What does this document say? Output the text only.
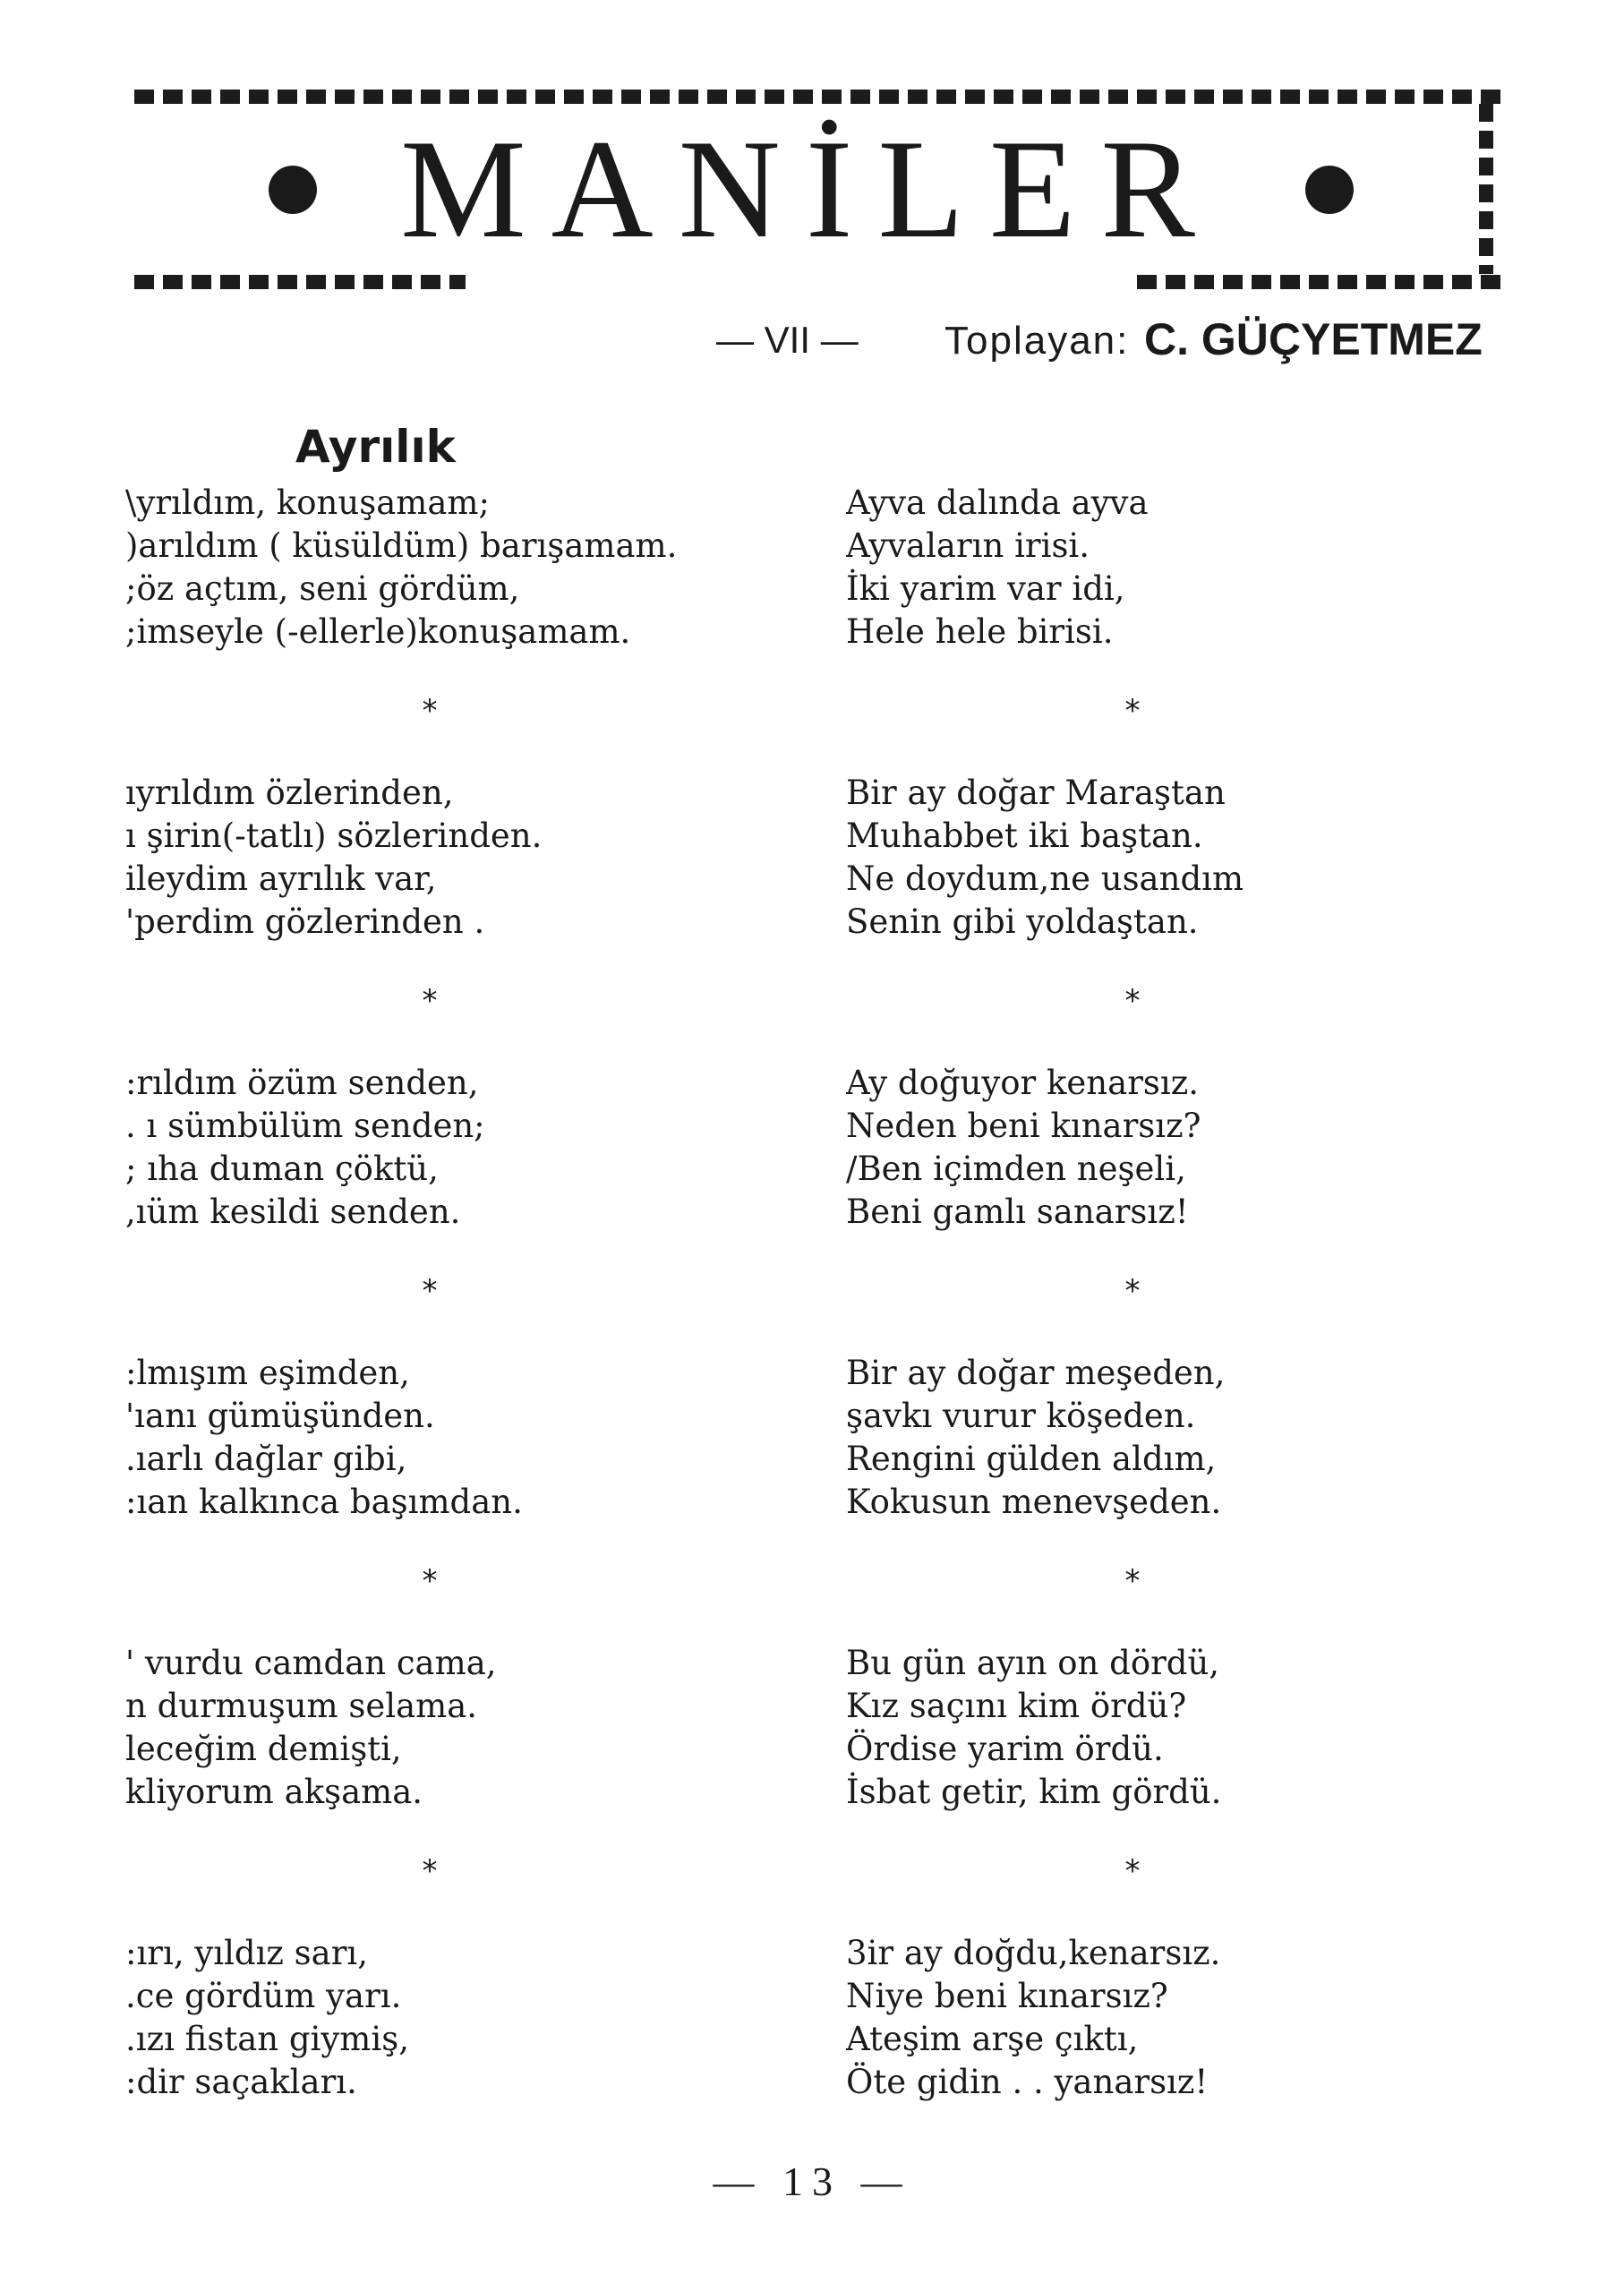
MANİLER
— VII — Toplayan: C. GÜÇYETMEZ
Ayrılık

\yrıldım, konuşamam;
)arıldım ( küsüldüm) barışamam.
;öz açtım, seni gördüm,
;imseyle (-ellerle)konuşamam.

*

ıyrıldım özlerinden,
ı şirin(-tatlı) sözlerinden.
ileydim ayrılık var,
'perdim gözlerinden .

*

:rıldım özüm senden,
. ı sümbülüm senden;
; ıha duman çöktü,
,ıüm kesildi senden.

*

:lmışım eşimden,
'ıanı gümüşünden.
.ıarlı dağlar gibi,
:ıan kalkınca başımdan.

*

' vurdu camdan cama,
n durmuşum selama.
leceğim demişti,
kliyorum akşama.

*

:ırı, yıldız sarı,
.ce gördüm yarı.
.ızı fistan giymiş,
:dir saçakları.

Ayva dalında ayva
Ayvaların irisi.
İki yarim var idi,
Hele hele birisi.

*

Bir ay doğar Maraştan
Muhabbet iki baştan.
Ne doydum,ne usandım
Senin gibi yoldaştan.

*

Ay doğuyor kenarsız.
Neden beni kınarsız?
/Ben içimden neşeli,
Beni gamlı sanarsız!

*

Bir ay doğar meşeden,
şavkı vurur köşeden.
Rengini gülden aldım,
Kokusun menevşeden.

*

Bu gün ayın on dördü,
Kız saçını kim ördü?
Ördise yarim ördü.
İsbat getir, kim gördü.

*

3ir ay doğdu,kenarsız.
Niye beni kınarsız?
Ateşim arşe çıktı,
Öte gidin . . yanarsız!

— 13 —
